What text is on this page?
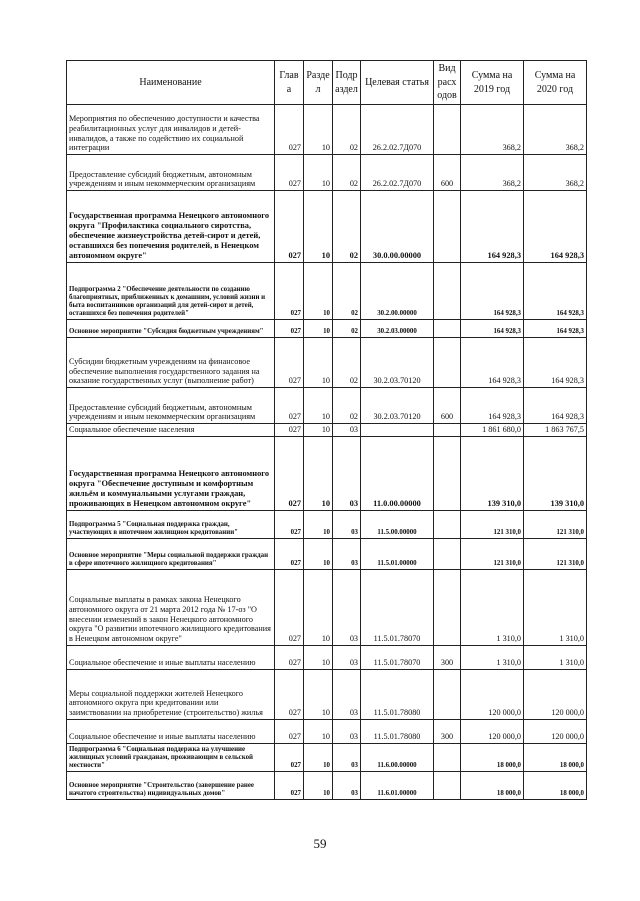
Наименование	Глав а	Разде л	Подр аздел	Целевая статья	Вид расх одов	Сумма на 2019 год	Сумма на 2020 год
Мероприятия по обеспечению доступности и качества реабилитационных услуг для инвалидов и детей-инвалидов, а также по содействию их социальной интеграции	027	10	02	26.2.02.7Д070		368,2	368,2
Предоставление субсидий бюджетным, автономным учреждениям и иным некоммерческим организациям	027	10	02	26.2.02.7Д070	600	368,2	368,2
Государственная программа Ненецкого автономного округа "Профилактика социального сиротства, обеспечение жизнеустройства детей-сирот и детей, оставшихся без попечения родителей, в Ненецком автономном округе"	027	10	02	30.0.00.00000		164 928,3	164 928,3
Подпрограмма 2 "Обеспечение деятельности по созданию благоприятных, приближенных к домашним, условий жизни и быта воспитанников организаций для детей-сирот и детей, оставшихся без попечения родителей"	027	10	02	30.2.00.00000		164 928,3	164 928,3
Основное мероприятие "Субсидия бюджетным учреждениям"	027	10	02	30.2.03.00000		164 928,3	164 928,3
Субсидии бюджетным учреждениям на финансовое обеспечение выполнения государственного задания на оказание государственных услуг (выполнение работ)	027	10	02	30.2.03.70120		164 928,3	164 928,3
Предоставление субсидий бюджетным, автономным учреждениям и иным некоммерческим организациям	027	10	02	30.2.03.70120	600	164 928,3	164 928,3
Социальное обеспечение населения	027	10	03			1 861 680,0	1 863 767,5
Государственная программа Ненецкого автономного округа "Обеспечение доступным и комфортным жильём и коммунальными услугами граждан, проживающих в Ненецком автономном округе"	027	10	03	11.0.00.00000		139 310,0	139 310,0
Подпрограмма 5 "Социальная поддержка граждан, участвующих в ипотечном жилищном кредитовании"	027	10	03	11.5.00.00000		121 310,0	121 310,0
Основное мероприятие "Меры социальной поддержки граждан в сфере ипотечного жилищного кредитования"	027	10	03	11.5.01.00000		121 310,0	121 310,0
Социальные выплаты в рамках закона Ненецкого автономного округа от 21 марта 2012 года № 17-оз "О внесении изменений в закон Ненецкого автономного округа "О развитии ипотечного жилищного кредитования в Ненецком автономном округе"	027	10	03	11.5.01.78070		1 310,0	1 310,0
Социальное обеспечение и иные выплаты населению	027	10	03	11.5.01.78070	300	1 310,0	1 310,0
Меры социальной поддержки жителей Ненецкого автономного округа при кредитовании или заимствовании на приобретение (строительство) жилья	027	10	03	11.5.01.78080		120 000,0	120 000,0
Социальное обеспечение и иные выплаты населению	027	10	03	11.5.01.78080	300	120 000,0	120 000,0
Подпрограмма 6 "Социальная поддержка на улучшение жилищных условий гражданам, проживающим в сельской местности"	027	10	03	11.6.00.00000		18 000,0	18 000,0
Основное мероприятие "Строительство (завершение ранее начатого строительства) индивидуальных домов"	027	10	03	11.6.01.00000		18 000,0	18 000,0
59
